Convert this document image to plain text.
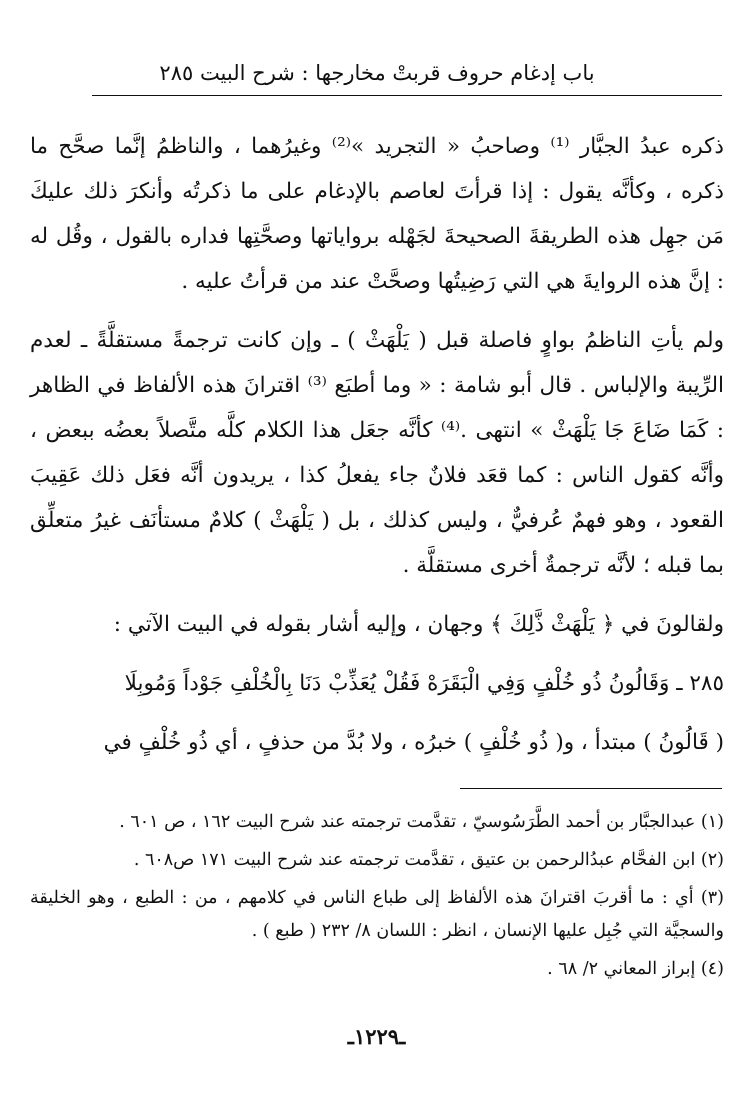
باب إدغام حروف قربتْ مخارجها : شرح البيت ٢٨٥

ذكره عبدُ الجبَّار ⁽¹⁾ وصاحبُ « التجريد »⁽²⁾ وغيرُهما ، والناظمُ إنَّما صحَّح ما ذكره ، وكأنَّه يقول : إذا قرأتَ لعاصم بالإدغام على ما ذكرتُه وأنكرَ ذلك عليكَ مَن جهِل هذه الطريقةَ الصحيحةَ لجَهْله برواياتها وصحَّتِها فداره بالقول ، وقُل له : إنَّ هذه الروايةَ هي التي رَضِيتُها وصحَّتْ عند من قرأتُ عليه .

ولم يأتِ الناظمُ بواوٍ فاصلة قبل ( يَلْهَثْ ) ـ وإن كانت ترجمةً مستقلَّةً ـ لعدم الرِّيبة والإلباس . قال أبو شامة : « وما أطبَع ⁽³⁾ اقترانَ هذه الألفاظ في الظاهر : كَمَا ضَاعَ جَا يَلْهَثْ » انتهى .⁽⁴⁾ كأنَّه جعَل هذا الكلام كلَّه متَّصلاً بعضُه ببعض ، وأنَّه كقول الناس : كما قعَد فلانٌ جاء يفعلُ كذا ، يريدون أنَّه فعَل ذلك عَقِيبَ القعود ، وهو فهمٌ عُرفيٌّ ، وليس كذلك ، بل ( يَلْهَثْ ) كلامٌ مستأنَف غيرُ متعلِّق بما قبله ؛ لأنَّه ترجمةٌ أخرى مستقلَّة .

ولقالونَ في ﴿ يَلْهَثْ ذَّلِكَ ﴾ وجهان ، وإليه أشار بقوله في البيت الآتي :

٢٨٥ ـ وَقَالُونُ ذُو خُلْفٍ وَفِي الْبَقَرَهْ فَقُلْ يُعَذِّبْ دَنَا بِالْخُلْفِ جَوْداً وَمُوبِلَا

( قَالُونُ ) مبتدأ ، و( ذُو خُلْفٍ ) خبرُه ، ولا بُدَّ من حذفٍ ، أي ذُو خُلْفٍ في

(١) عبدالجبَّار بن أحمد الطَّرَسُوسيّ ، تقدَّمت ترجمته عند شرح البيت ١٦٢ ، ص ٦٠١ .

(٢) ابن الفحَّام عبدُالرحمن بن عتيق ، تقدَّمت ترجمته عند شرح البيت ١٧١ ص٦٠٨ .

(٣) أي : ما أقربَ اقترانَ هذه الألفاظ إلى طباع الناس في كلامهم ، من : الطبع ، وهو الخليقة والسجيَّة التي جُبِل عليها الإنسان ، انظر : اللسان ٨/ ٢٣٢ ( طبع ) .

(٤) إبراز المعاني ٢/ ٦٨ .

ـ١٢٢٩ـ
